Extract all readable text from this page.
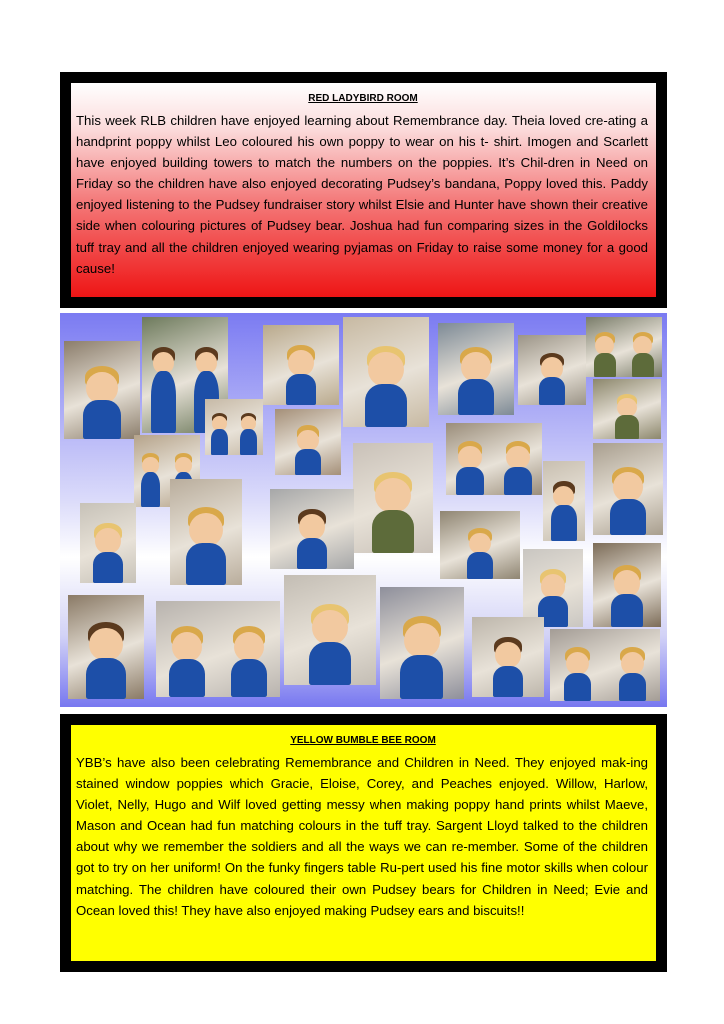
RED LADYBIRD ROOM
This week RLB children have enjoyed learning about Remembrance day. Theia loved cre-ating a handprint poppy whilst Leo coloured his own poppy to wear on his t- shirt. Imogen and Scarlett have enjoyed building towers to match the numbers on the poppies. It’s Chil-dren in Need on Friday so the children have also enjoyed decorating Pudsey’s bandana, Poppy loved this. Paddy enjoyed listening to the Pudsey fundraiser story whilst Elsie and Hunter have shown their creative side when colouring pictures of Pudsey bear. Joshua had fun comparing sizes in the Goldilocks tuff tray and all the children enjoyed wearing pyjamas on Friday to raise some money for a good cause!
YELLOW BUMBLE BEE ROOM
YBB’s have also been celebrating Remembrance and Children in Need. They enjoyed mak-ing stained window poppies which Gracie, Eloise, Corey, and Peaches enjoyed. Willow, Harlow, Violet, Nelly, Hugo and Wilf loved getting messy when making poppy hand prints whilst Maeve, Mason and Ocean had fun matching colours in the tuff tray. Sargent Lloyd talked to the children about why we remember the soldiers and all the ways we can re-member. Some of the children got to try on her uniform! On the funky fingers table Ru-pert used his fine motor skills when colour matching. The children have coloured their own Pudsey bears for Children in Need; Evie and Ocean loved this! They have also enjoyed making Pudsey ears and biscuits!!
